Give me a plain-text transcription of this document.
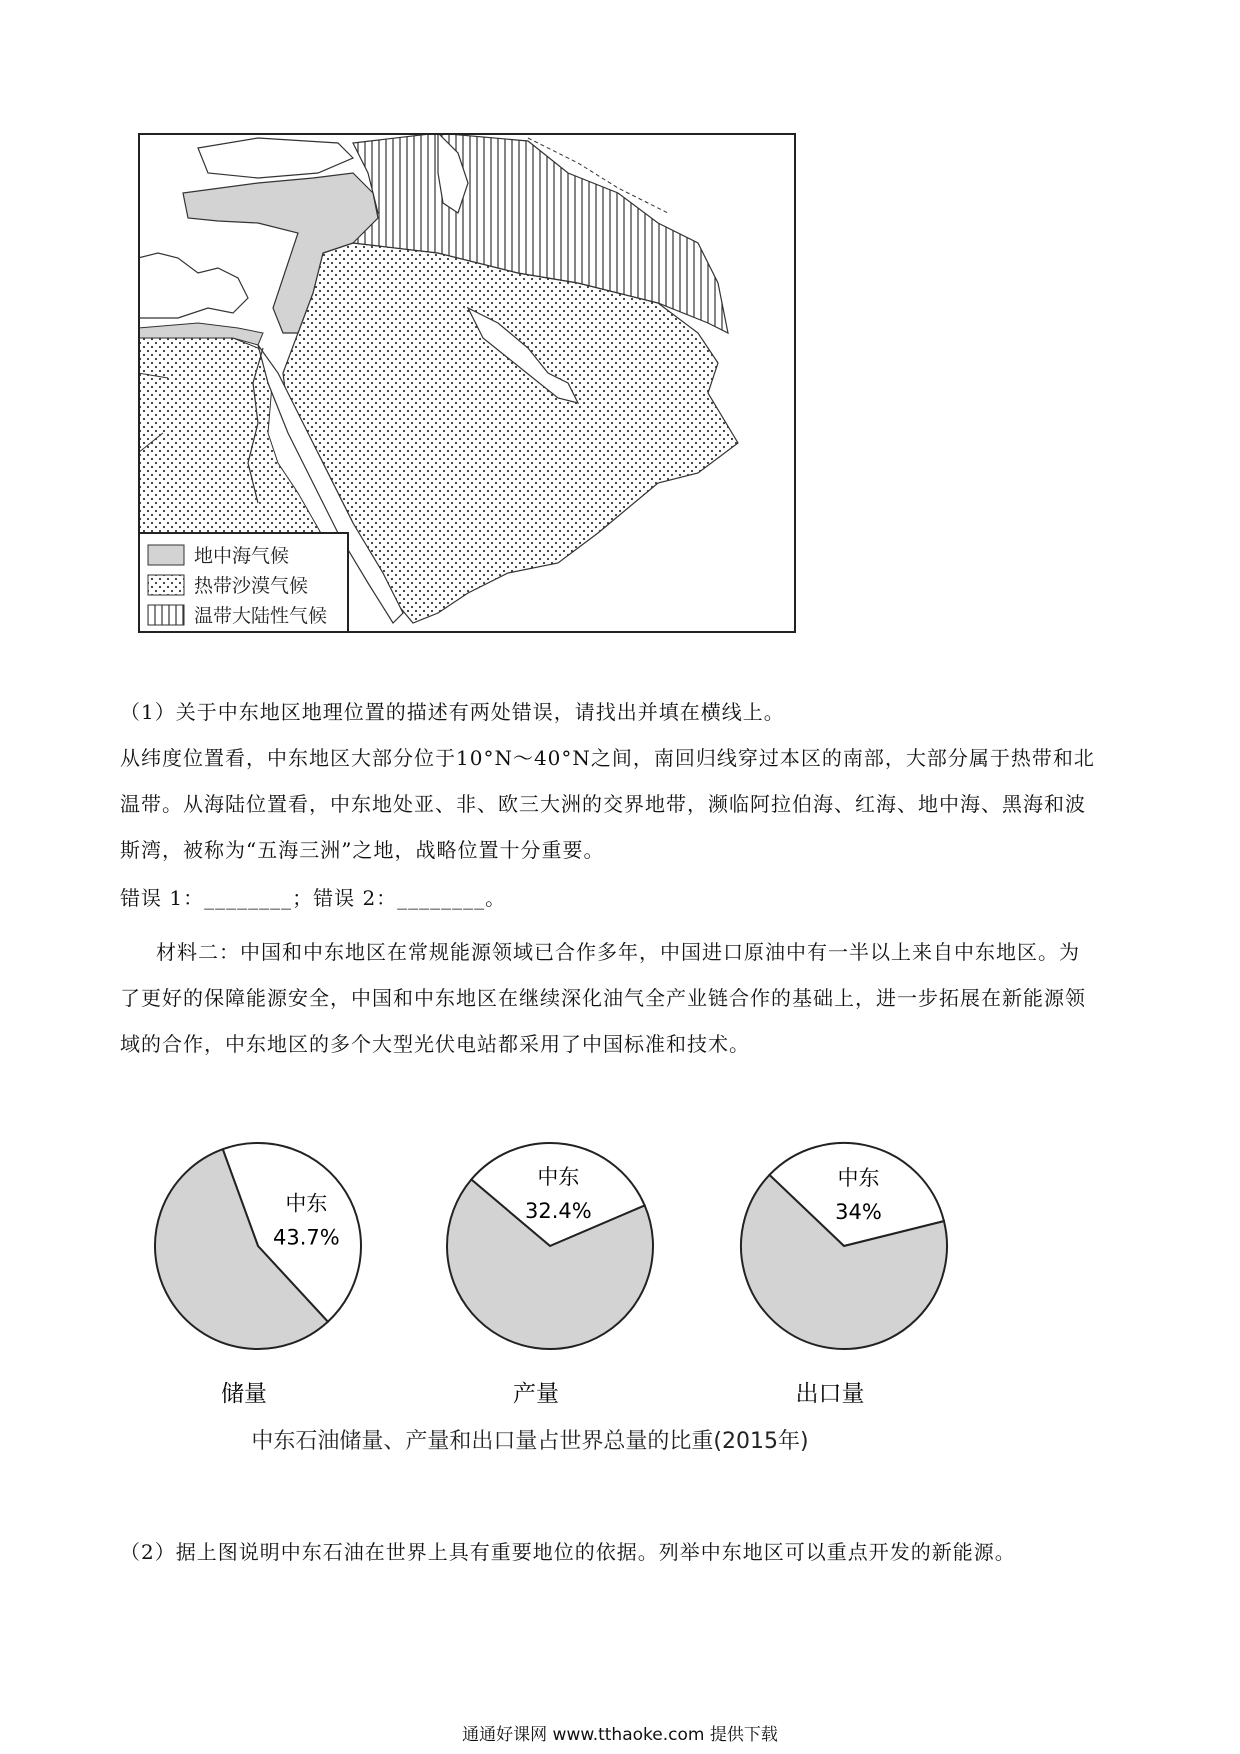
地中海气候
热带沙漠气候
温带大陆性气候
（1）关于中东地区地理位置的描述有两处错误，请找出并填在横线上。
从纬度位置看，中东地区大部分位于10°N～40°N之间，南回归线穿过本区的南部，大部分属于热带和北
温带。从海陆位置看，中东地处亚、非、欧三大洲的交界地带，濒临阿拉伯海、红海、地中海、黑海和波
斯湾，被称为“五海三洲”之地，战略位置十分重要。
错误 1：________；错误 2：________。
材料二：中国和中东地区在常规能源领域已合作多年，中国进口原油中有一半以上来自中东地区。为
了更好的保障能源安全，中国和中东地区在继续深化油气全产业链合作的基础上，进一步拓展在新能源领
域的合作，中东地区的多个大型光伏电站都采用了中国标准和技术。
中东
43.7%
储量
中东
32.4%
产量
中东
34%
出口量
中东石油储量、产量和出口量占世界总量的比重(2015年)
（2）据上图说明中东石油在世界上具有重要地位的依据。列举中东地区可以重点开发的新能源。
通通好课网 www.tthaoke.com 提供下载
